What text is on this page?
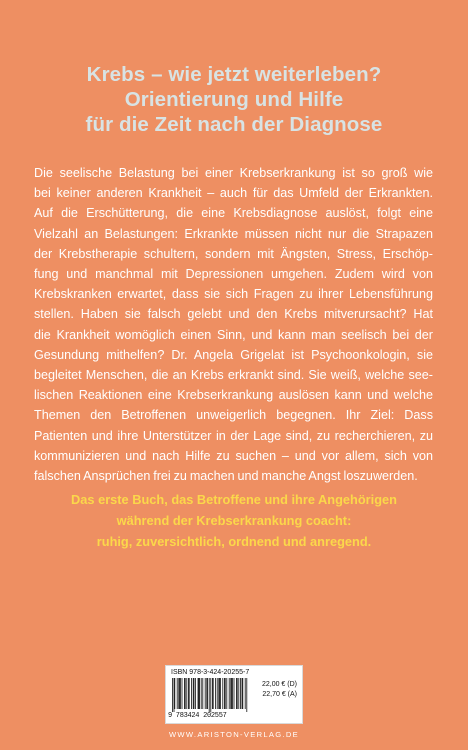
Krebs – wie jetzt weiterleben?
Orientierung und Hilfe
für die Zeit nach der Diagnose
Die seelische Belastung bei einer Krebserkrankung ist so groß wie
bei keiner anderen Krankheit – auch für das Umfeld der Erkrankten.
Auf die Erschütterung, die eine Krebsdiagnose auslöst, folgt eine
Vielzahl an Belastungen: Erkrankte müssen nicht nur die Strapazen
der Krebstherapie schultern, sondern mit Ängsten, Stress, Erschöp-
fung und manchmal mit Depressionen umgehen. Zudem wird von
Krebskranken erwartet, dass sie sich Fragen zu ihrer Lebensführung
stellen. Haben sie falsch gelebt und den Krebs mitverursacht? Hat
die Krankheit womöglich einen Sinn, und kann man seelisch bei der
Gesundung mithelfen? Dr. Angela Grigelat ist Psychoonkologin, sie
begleitet Menschen, die an Krebs erkrankt sind. Sie weiß, welche see-
lischen Reaktionen eine Krebserkrankung auslösen kann und welche
Themen den Betroffenen unweigerlich begegnen. Ihr Ziel: Dass
Patienten und ihre Unterstützer in der Lage sind, zu recherchieren, zu
kommunizieren und nach Hilfe zu suchen – und vor allem, sich von
falschen Ansprüchen frei zu machen und manche Angst loszuwerden.
Das erste Buch, das Betroffene und ihre Angehörigen
während der Krebserkrankung coacht:
ruhig, zuversichtlich, ordnend und anregend.
ISBN 978-3-424-20255-7
9 783424 202557
22,00 € (D)
22,70 € (A)
WWW.ARISTON-VERLAG.DE
